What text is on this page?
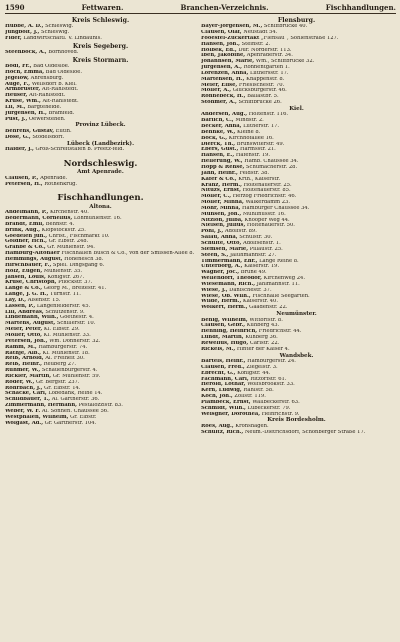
1590	Fettwaren.	Branchen-Verzeichnis.	Fischhandlungen.
Kreis Schleswig.
Hübbe, A. D., Schleswig.
Jungbolt, J., Schleswig.
Fider, Landwirtschaftl. V. Lindaunis.
Kreis Segeberg.
Steenbock, A., Bornhöved.
Kreis Stormarn.
Bödi, Fr., Bad Oldesloe.
Hoch, Emma, Bad Oldesloe.
Jegelow, Ahrensburg.
Auge, F., Wellsdorf b. Kiel.
Armbrüster, Alt-Rahlstedt.
Heuser, Alt-Rahlstedt.
Kruse, Wm., Alt-Rahlstedt.
Lil, M., Bargteheide.
Jürgensen, H., Bramfeld.
Pust, J., Oewerstehen.
Provinz Lübeck.
Behrens, Gustav, Eutin.
Dose, G., Stodelsdorf.
Lübeck (Landbezirk).
Haider, J., Groß-Schreitstafen b. Preetz-feld.
Nordschleswig.
Amt Apenrade.
Clausen, P., Apenrade.
Petersen, H., Rothenkrug.
Fischhandlungen.
Altona.
Andelmann, P., Kirchenstr. 40.
Bedermann, Cornelius, Lohmühlenstr. 16.
Brandt, Emil, Behnstr. 4.
Brink, Aug., Klopstockstr. 25.
Goedelen jun., Christ., Fischmarkt 10.
Goldner, Hch., Gr. Elbstr. 248.
Granbe & Co., Gr. Mühlenstr. 94.
Hamburg-Altonaer Fischhallen Busch & Co., von der Smissen-Allee 8.
Hemmings, August, Hohenesch 38.
Hirschbauer, F., Spiel. Dingsgang 6.
Holz, Eugen, Mühlenstr. 35.
Jansen, Louis, Königstr. 267.
Kruse, Christoph, Pflöckstr. 37.
Lange & Co., Georg M., Breitestr. 41.
Lange, J. G. H., Turnstr. 11.
Lay, D., Alsenstr. 15.
Lassen, P., Langenfelderstr. 45.
Lill, Andreas, Schützenstr. 9.
Lindemann, Wilh., Goethestr. 4.
Martens, August, Schillerstr. 10.
Meier, Peter, Kl. Elbstr. 29.
Möller, Otto, Kl. Mühlenstr. 33.
Petersen, Joh., Wm. Donnerstr. 32.
Ramm, M., Hamburgerstr. 74.
Rathje, Alb., Kl. Mühlenstr. 18.
Reiß, Arnold, Al. Freiheit 30.
Reiß, Heinr., Reuberg 27.
Rühmer, W., Schauenburgerstr. 4.
Rickler, Martin, Gr. Mühlenstr. 59.
Röder, W., Gr. Bergstr. 237.
Rohrbach, J., Gr. Elbstr. 14.
Schacke, Carl, Lobedank, Reihe 14.
Schildbauer, T., Al. Gärtnerstr. 36.
Zimmermann, Hermann, Pestalozzistr. 83.
Weber, W. F. Al. Sonnen. Chaussee 56.
Westphalen, Wilhelm, Gr. Elbstr.
Wolgast, Ad., Gr. Gärtnerstr. 104.
Flensburg.
Bayer-Jörgensen, M., Schiffbrücke 40.
Clausen, Olaf, Neustadt 54.
Fooesfel-Zuckertakt „Flensau“, Sohlenstraße 127.
Hansen, Joh., Steinstr. 2.
Holbek, Ed., Dur. Norderstr. 113.
Iben, Jakobine, Apenraderstr. 34.
Johannsen, Marie, Wm., Schiffbrücke 32.
Jürgensen, A., Ronnentgarten 1.
Lorenzen, Anna, Luthersstr. 17.
Martensen, H., Knappenstr. 8.
Meier, Elise, Friesischestr. 70.
Möller, A., Glücksburgerstr. 46.
Rönnebeck, H., Ballastbr. 5.
Stohmer, A., Schiffbrücke 26.
Kiel.
Andersen, Aug., Holtenstr. 116.
Bärlich, C., Mindstr. 2.
Becker, Anna, Lutherstr. 17.
Behnke, W., Kleine 8.
Bock, G., Kirchhofallee 16.
Dierck, Th., Brunswiterstr. 49.
Ebers, Gust., Harmsstr. 21.
Hansen, E., Hafenstr. 19.
Hellerung, W., Hamb. Chaussee 34.
Hopp & Rehse, Schumacherstr. 28.
Jahn, Heinr., Feldstr. 38.
Käfer & Co., Krth., Kaiserstr.
Kranz, Herm., Holtenauerstr. 25.
Nituzs, Ernst, Holtenauerstr. 85.
Möller, C., Herzog Friedrichstr. 46.
Möller, Minna, Walkerdamm 23.
Mohr, Minna, Hamburger Chaussee 34.
Munsen, Joh., Mühlinusstr. 16.
Nitzlon, Julba, Knooper Weg 44.
Nielsen, Julius, Holtenauerstr. 50.
Pohl, J., Adolfstr. 89.
Salau, Anna, Schulstr. 30.
Schulte, Otto, Adolfsenstr. 1.
Siemsen, Marie, Pillaustr. 25.
Steen, S., Jaluhmannstr. 27.
Timmermann, Ehr., Lange Reihe 8.
Unterborg, A., Kaiserstr. 19.
Wagner, Joc., Brüne 49.
Wellendorf, Theodor, Kirchenweg 24.
Wiesemann, Rich., Jahlmannstr. 11.
Wiese, J., Dänischestr. 37.
Wiese, Ob. Wilh., Fischhalle Seegarten.
Wilde, Herm., Kaiserstr. 40.
Wolkert, Herm., Gaadenstr. 22.
Neumünster.
Benig, Wilhelm, Wittorfstr. 8.
Clausen, Gebr., Kuhberg 43.
Henning, Heinrich, Friedrichstr. 44.
Lundt, Martin, Kuhberg 36.
Rewelius, Hugo, Carlstr. 22.
Rickels, M., Hinter der Kaiser 4.
Wandsbek.
Bartels, Heinr., Hamburgerstr. 24.
Clausen, Fred., Ziegelstr. 3.
Ebrecht, G., Königstr. 44.
Fachmann, Carl, Ritzorfstr. 61.
Herold, Lothar, Wolfsbrookstr. 33.
Kern, Ludwig, Rahlstr. 58.
Koch, Joh., Zollstr. 119.
Plambeck, Ernst, Wallbeckerstr. 63.
Schmidt, Wilh., Lübeckerstr. 79.
Weisgner, Dorothea, Heinrichstr. 9.
Kreis Bordesholm.
Roes, Aug., Kronshagen.
Schultz, Rich., Neum.-Dietrichsdorf, Schönberger Straße 17.
